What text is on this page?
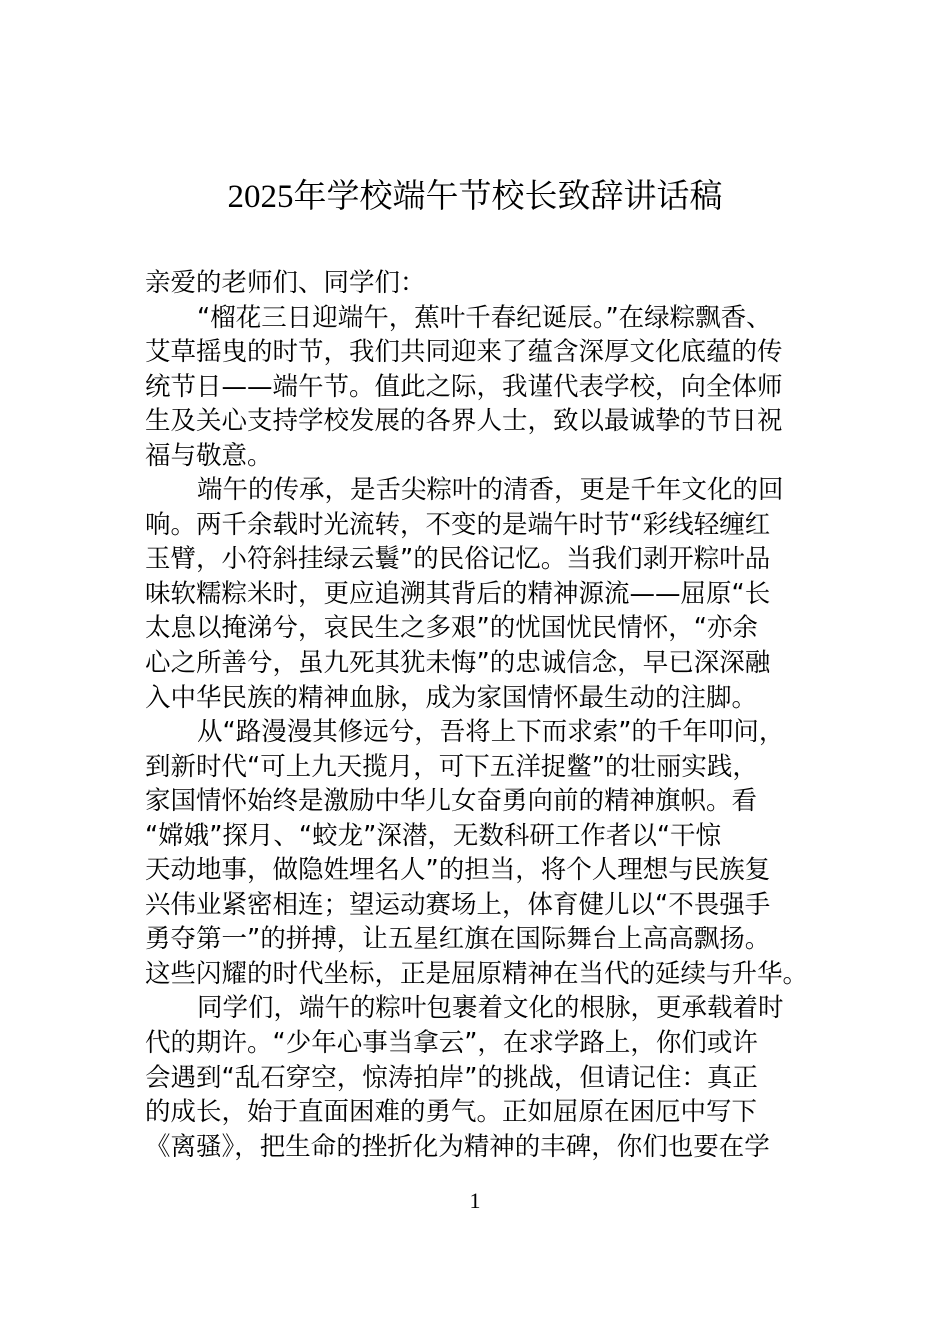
2025年学校端午节校长致辞讲话稿
亲爱的老师们、同学们：
“榴花三日迎端午，蕉叶千春纪诞辰。”在绿粽飘香、
艾草摇曳的时节，我们共同迎来了蕴含深厚文化底蕴的传
统节日——端午节。值此之际，我谨代表学校，向全体师
生及关心支持学校发展的各界人士，致以最诚挚的节日祝
福与敬意。
端午的传承，是舌尖粽叶的清香，更是千年文化的回
响。两千余载时光流转，不变的是端午时节“彩线轻缠红
玉臂，小符斜挂绿云鬟”的民俗记忆。当我们剥开粽叶品
味软糯粽米时，更应追溯其背后的精神源流——屈原“长
太息以掩涕兮，哀民生之多艰”的忧国忧民情怀，“亦余
心之所善兮，虽九死其犹未悔”的忠诚信念，早已深深融
入中华民族的精神血脉，成为家国情怀最生动的注脚。
从“路漫漫其修远兮，吾将上下而求索”的千年叩问，
到新时代“可上九天揽月，可下五洋捉鳖”的壮丽实践，
家国情怀始终是激励中华儿女奋勇向前的精神旗帜。看
“嫦娥”探月、“蛟龙”深潜，无数科研工作者以“干惊
天动地事，做隐姓埋名人”的担当，将个人理想与民族复
兴伟业紧密相连；望运动赛场上，体育健儿以“不畏强手
勇夺第一”的拼搏，让五星红旗在国际舞台上高高飘扬。
这些闪耀的时代坐标，正是屈原精神在当代的延续与升华。
同学们，端午的粽叶包裹着文化的根脉，更承载着时
代的期许。“少年心事当拿云”，在求学路上，你们或许
会遇到“乱石穿空，惊涛拍岸”的挑战，但请记住：真正
的成长，始于直面困难的勇气。正如屈原在困厄中写下
《离骚》，把生命的挫折化为精神的丰碑，你们也要在学
1
